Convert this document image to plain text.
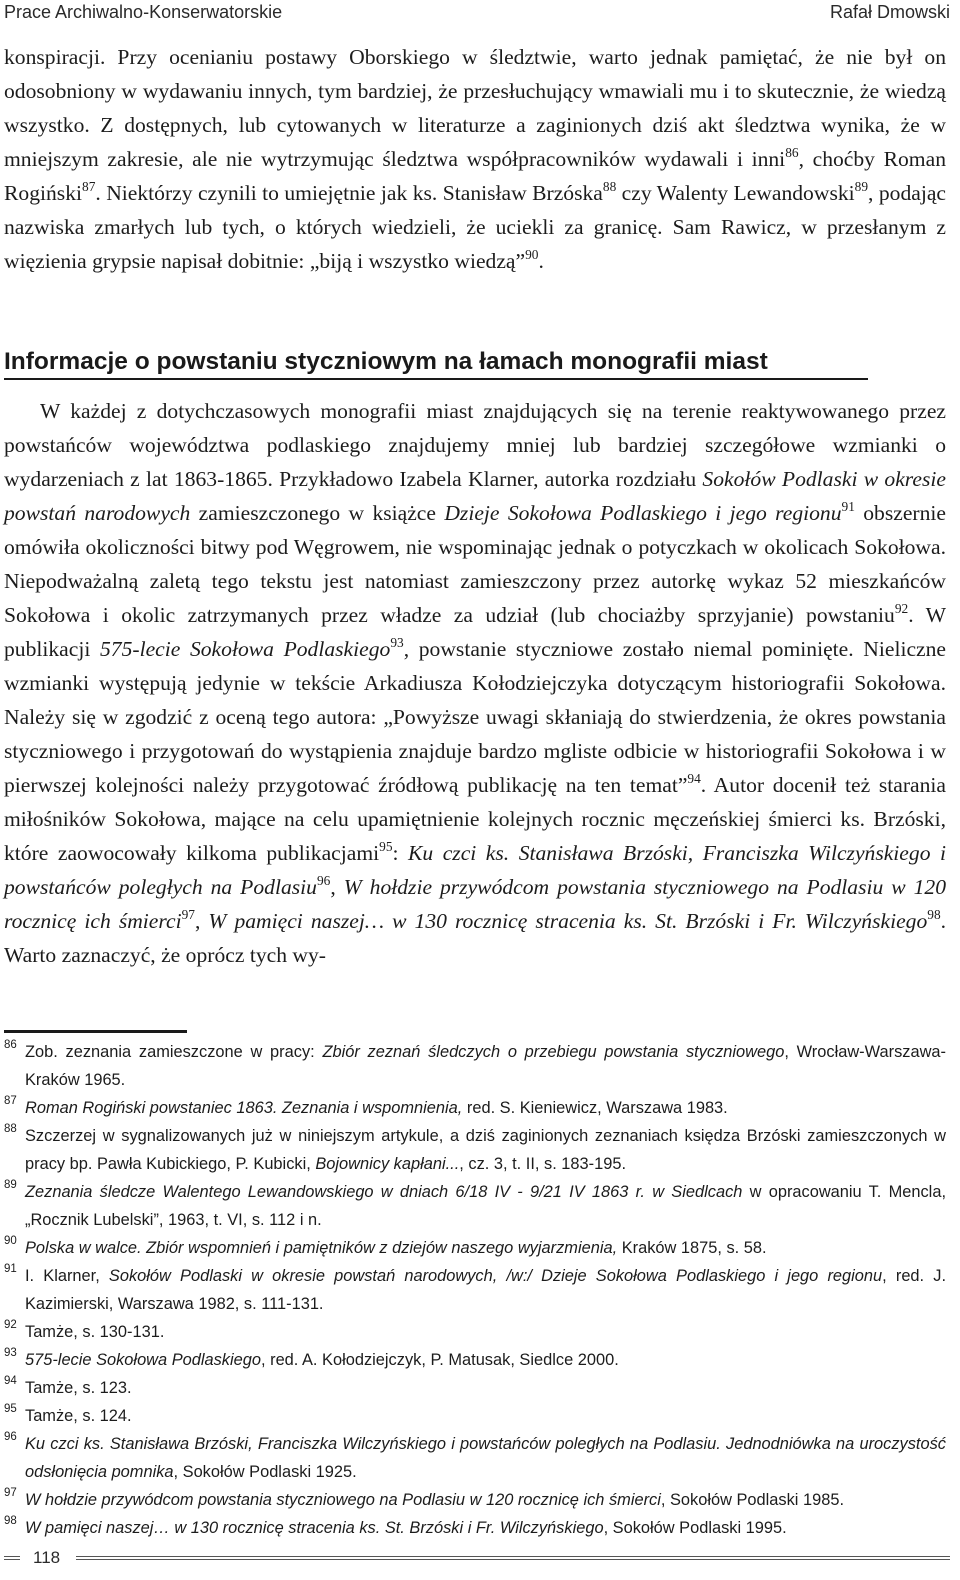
Prace Archiwalno-Konserwatorskie	Rafał Dmowski
konspiracji. Przy ocenianiu postawy Oborskiego w śledztwie, warto jednak pamiętać, że nie był on odosobniony w wydawaniu innych, tym bardziej, że przesłuchujący wmawiali mu i to skutecznie, że wiedzą wszystko. Z dostępnych, lub cytowanych w literaturze a zaginionych dziś akt śledztwa wynika, że w mniejszym zakresie, ale nie wytrzymując śledztwa współpracowników wydawali i inni$^{86}$, choćby Roman Rogiński$^{87}$. Niektórzy czynili to umiejętnie jak ks. Stanisław Brzóska$^{88}$ czy Walenty Lewandowski$^{89}$, podając nazwiska zmarłych lub tych, o których wiedzieli, że uciekli za granicę. Sam Rawicz, w przesłanym z więzienia grypsie napisał dobitnie: „biją i wszystko wiedzą”$^{90}$.
Informacje o powstaniu styczniowym na łamach monografii miast
W każdej z dotychczasowych monografii miast znajdujących się na terenie reaktywowanego przez powstańców województwa podlaskiego znajdujemy mniej lub bardziej szczegółowe wzmianki o wydarzeniach z lat 1863-1865. Przykładowo Izabela Klarner, autorka rozdziału Sokołów Podlaski w okresie powstań narodowych zamieszczonego w książce Dzieje Sokołowa Podlaskiego i jego regionu$^{91}$ obszernie omówiła okoliczności bitwy pod Węgrowem, nie wspominając jednak o potyczkach w okolicach Sokołowa. Niepodważalną zaletą tego tekstu jest natomiast zamieszczony przez autorkę wykaz 52 mieszkańców Sokołowa i okolic zatrzymanych przez władze za udział (lub chociażby sprzyjanie) powstaniu$^{92}$. W publikacji 575-lecie Sokołowa Podlaskiego$^{93}$, powstanie styczniowe zostało niemal pominięte. Nieliczne wzmianki występują jedynie w tekście Arkadiusza Kołodziejczyka dotyczącym historiografii Sokołowa. Należy się w zgodzić z oceną tego autora: „Powyższe uwagi skłaniają do stwierdzenia, że okres powstania styczniowego i przygotowań do wystąpienia znajduje bardzo mgliste odbicie w historiografii Sokołowa i w pierwszej kolejności należy przygotować źródłową publikację na ten temat”$^{94}$. Autor docenił też starania miłośników Sokołowa, mające na celu upamiętnienie kolejnych rocznic męczeńskiej śmierci ks. Brzóski, które zaowocowały kilkoma publikacjami$^{95}$: Ku czci ks. Stanisława Brzóski, Franciszka Wilczyńskiego i powstańców poległych na Podlasiu$^{96}$, W hołdzie przywódcom powstania styczniowego na Podlasiu w 120 rocznicę ich śmierci$^{97}$, W pamięci naszej… w 130 rocznicę stracenia ks. St. Brzóski i Fr. Wilczyńskiego$^{98}$. Warto zaznaczyć, że oprócz tych wy-
86 Zob. zeznania zamieszczone w pracy: Zbiór zeznań śledczych o przebiegu powstania styczniowego, Wrocław-Warszawa-Kraków 1965.
87 Roman Rogiński powstaniec 1863. Zeznania i wspomnienia, red. S. Kieniewicz, Warszawa 1983.
88 Szczerzej w sygnalizowanych już w niniejszym artykule, a dziś zaginionych zeznaniach księdza Brzóski zamieszczonych w pracy bp. Pawła Kubickiego, P. Kubicki, Bojownicy kapłani..., cz. 3, t. II, s. 183-195.
89 Zeznania śledcze Walentego Lewandowskiego w dniach 6/18 IV - 9/21 IV 1863 r. w Siedlcach w opracowaniu T. Mencla, „Rocznik Lubelski”, 1963, t. VI, s. 112 i n.
90 Polska w walce. Zbiór wspomnień i pamiętników z dziejów naszego wyjarzmienia, Kraków 1875, s. 58.
91 I. Klarner, Sokołów Podlaski w okresie powstań narodowych, /w:/ Dzieje Sokołowa Podlaskiego i jego regionu, red. J. Kazimierski, Warszawa 1982, s. 111-131.
92 Tamże, s. 130-131.
93 575-lecie Sokołowa Podlaskiego, red. A. Kołodziejczyk, P. Matusak, Siedlce 2000.
94 Tamże, s. 123.
95 Tamże, s. 124.
96 Ku czci ks. Stanisława Brzóski, Franciszka Wilczyńskiego i powstańców poległych na Podlasiu. Jednodniówka na uroczystość odsłonięcia pomnika, Sokołów Podlaski 1925.
97 W hołdzie przywódcom powstania styczniowego na Podlasiu w 120 rocznicę ich śmierci, Sokołów Podlaski 1985.
98 W pamięci naszej… w 130 rocznicę stracenia ks. St. Brzóski i Fr. Wilczyńskiego, Sokołów Podlaski 1995.
118
